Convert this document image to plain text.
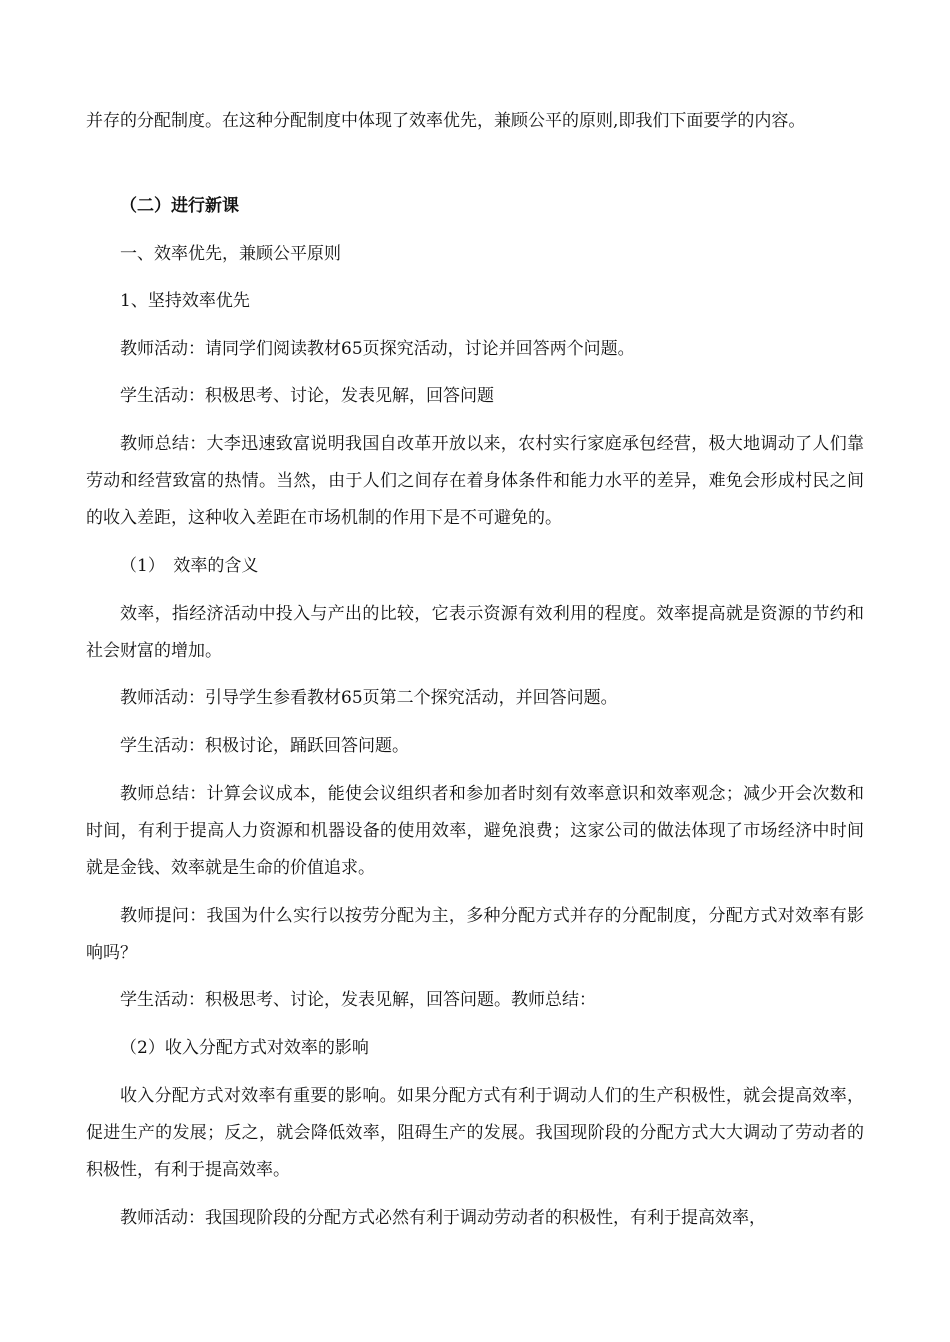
并存的分配制度。在这种分配制度中体现了效率优先，兼顾公平的原则,即我们下面要学的内容。

（二）进行新课

一、效率优先，兼顾公平原则

1、坚持效率优先

教师活动：请同学们阅读教材65页探究活动，讨论并回答两个问题。

学生活动：积极思考、讨论，发表见解，回答问题

教师总结：大李迅速致富说明我国自改革开放以来，农村实行家庭承包经营，极大地调动了人们靠劳动和经营致富的热情。当然，由于人们之间存在着身体条件和能力水平的差异，难免会形成村民之间的收入差距，这种收入差距在市场机制的作用下是不可避免的。

（1）　效率的含义

效率，指经济活动中投入与产出的比较，它表示资源有效利用的程度。效率提高就是资源的节约和社会财富的增加。

教师活动：引导学生参看教材65页第二个探究活动，并回答问题。

学生活动：积极讨论，踊跃回答问题。

教师总结：计算会议成本，能使会议组织者和参加者时刻有效率意识和效率观念；减少开会次数和时间，有利于提高人力资源和机器设备的使用效率，避免浪费；这家公司的做法体现了市场经济中时间就是金钱、效率就是生命的价值追求。

教师提问：我国为什么实行以按劳分配为主，多种分配方式并存的分配制度，分配方式对效率有影响吗？

学生活动：积极思考、讨论，发表见解，回答问题。教师总结：

（2）收入分配方式对效率的影响

收入分配方式对效率有重要的影响。如果分配方式有利于调动人们的生产积极性，就会提高效率，促进生产的发展；反之，就会降低效率，阻碍生产的发展。我国现阶段的分配方式大大调动了劳动者的积极性，有利于提高效率。

教师活动：我国现阶段的分配方式必然有利于调动劳动者的积极性，有利于提高效率，
